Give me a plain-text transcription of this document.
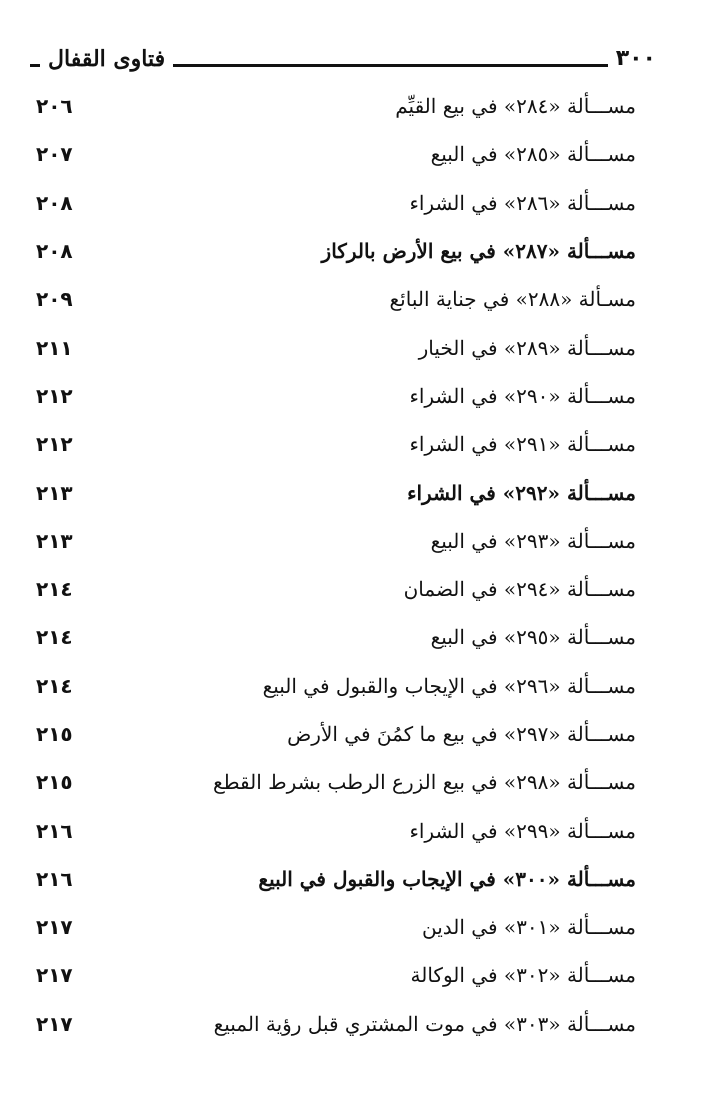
٣٠٠
فتاوى القفال
مســـألة «٢٨٤» في بيع القيِّم
٢٠٦
مســـألة «٢٨٥» في البيع
٢٠٧
مســـألة «٢٨٦» في الشراء
٢٠٨
مســـألة «٢٨٧» في بيع الأرض بالركاز
٢٠٨
مسـألة «٢٨٨» في جناية البائع
٢٠٩
مســـألة «٢٨٩» في الخيار
٢١١
مســـألة «٢٩٠» في الشراء
٢١٢
مســـألة «٢٩١» في الشراء
٢١٢
مســـألة «٢٩٢» في الشراء
٢١٣
مســـألة «٢٩٣» في البيع
٢١٣
مســـألة «٢٩٤» في الضمان
٢١٤
مســـألة «٢٩٥» في البيع
٢١٤
مســـألة «٢٩٦» في الإيجاب والقبول في البيع
٢١٤
مســـألة «٢٩٧» في بيع ما كمُنَ في الأرض
٢١٥
مســـألة «٢٩٨» في بيع الزرع الرطب بشرط القطع
٢١٥
مســـألة «٢٩٩» في الشراء
٢١٦
مســـألة «٣٠٠» في الإيجاب والقبول في البيع
٢١٦
مســـألة «٣٠١» في الدين
٢١٧
مســـألة «٣٠٢» في الوكالة
٢١٧
مســـألة «٣٠٣» في موت المشتري قبل رؤية المبيع
٢١٧
